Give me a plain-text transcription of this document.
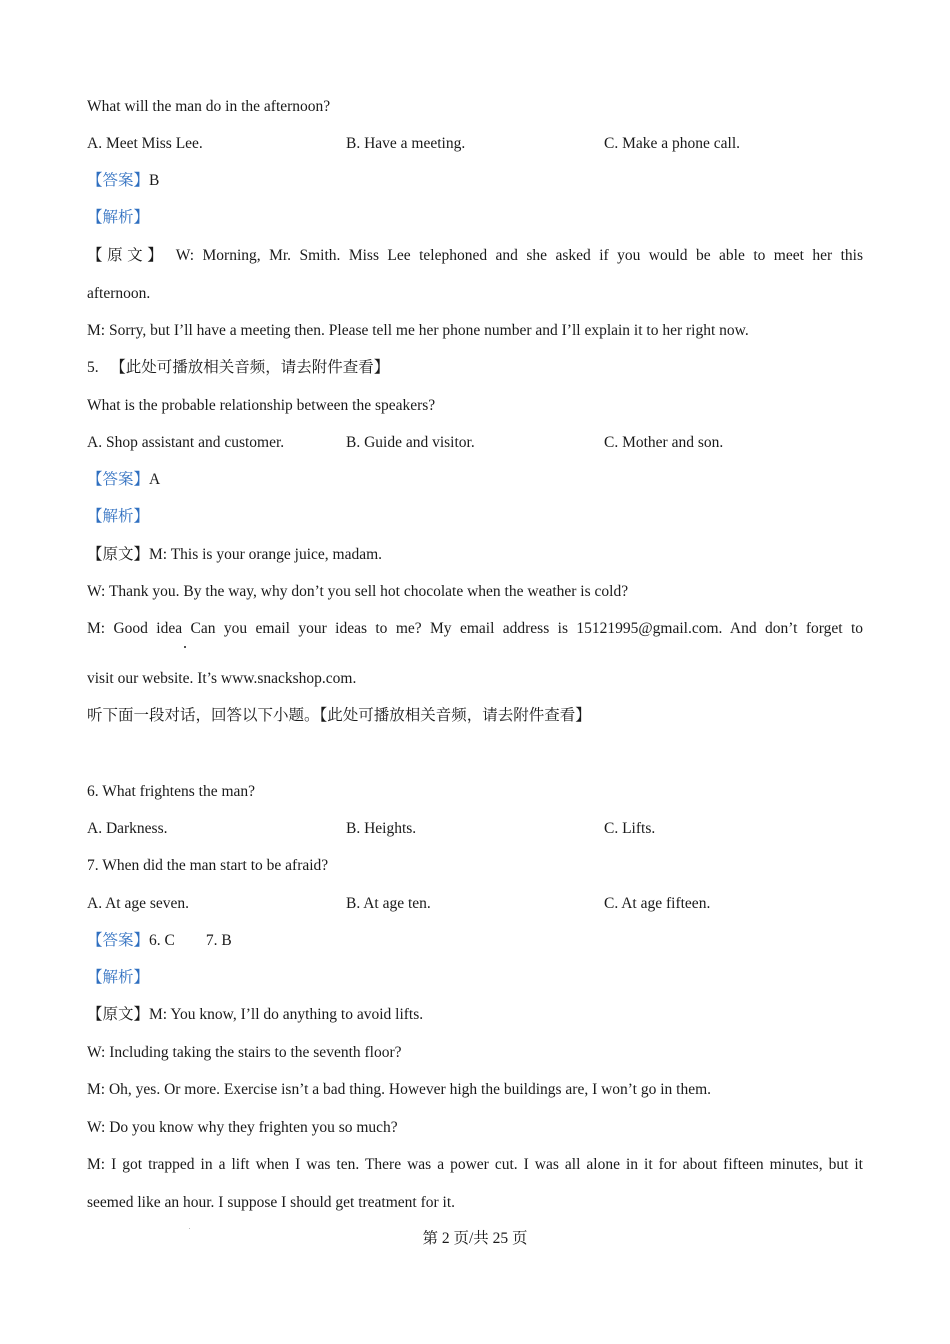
What will the man do in the afternoon?
A. Meet Miss Lee.	B. Have a meeting.	C. Make a phone call.
【答案】B
【解析】
【原文】 W: Morning, Mr. Smith. Miss Lee telephoned and she asked if you would be able to meet her this
afternoon.
M: Sorry, but I’ll have a meeting then. Please tell me her phone number and I’ll explain it to her right now.
5. 【此处可播放相关音频，请去附件查看】
What is the probable relationship between the speakers?
A. Shop assistant and customer.	B. Guide and visitor.	C. Mother and son.
【答案】A
【解析】
【原文】M: This is your orange juice, madam.
W: Thank you. By the way, why don’t you sell hot chocolate when the weather is cold?
M: Good idea Can you email your ideas to me? My email address is 15121995@gmail.com. And don’t forget to
visit our website. It’s www.snackshop.com.
听下面一段对话，回答以下小题。【此处可播放相关音频，请去附件查看】
6. What frightens the man?
A. Darkness.	B. Heights.	C. Lifts.
7. When did the man start to be afraid?
A. At age seven.	B. At age ten.	C. At age fifteen.
【答案】6. C        7. B
【解析】
【原文】M: You know, I’ll do anything to avoid lifts.
W: Including taking the stairs to the seventh floor?
M: Oh, yes. Or more. Exercise isn’t a bad thing. However high the buildings are, I won’t go in them.
W: Do you know why they frighten you so much?
M: I got trapped in a lift when I was ten. There was a power cut. I was all alone in it for about fifteen minutes, but it
seemed like an hour. I suppose I should get treatment for it.
第 2 页/共 25 页
